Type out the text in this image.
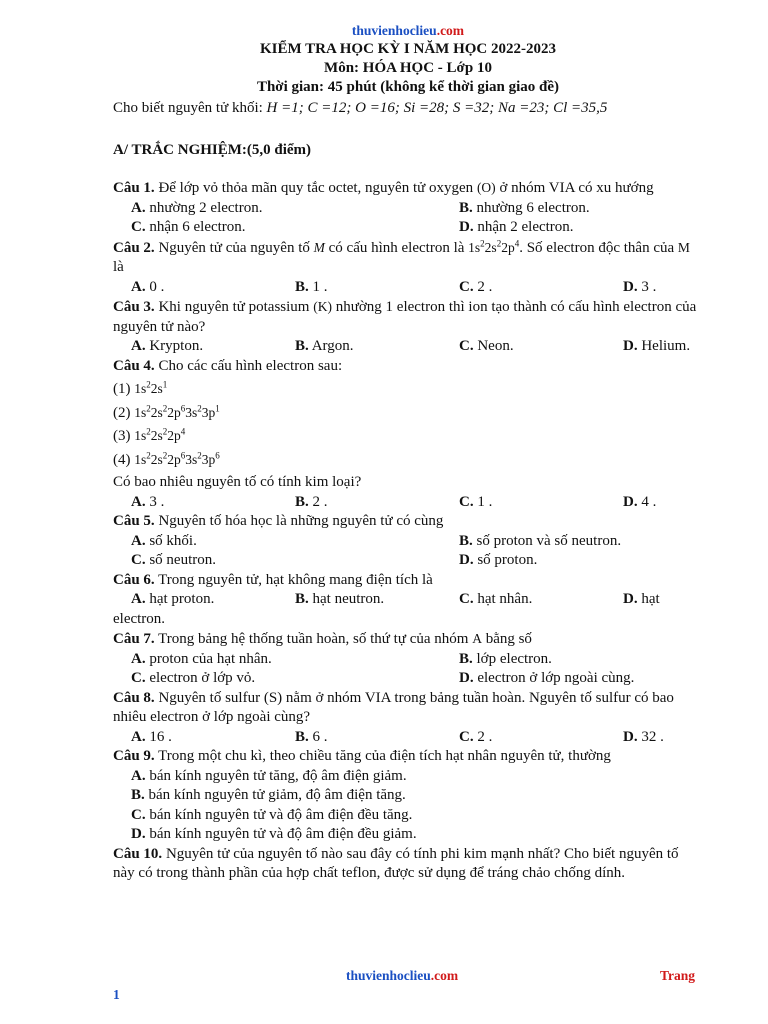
thuvienhoclieu.com
KIỂM TRA HỌC KỲ I NĂM HỌC 2022-2023
Môn: HÓA HỌC - Lớp 10
Thời gian: 45 phút (không kể thời gian giao đề)
Cho biết nguyên tử khối: H =1; C =12; O =16; Si =28; S =32; Na =23; Cl =35,5
A/ TRẮC NGHIỆM:(5,0 điểm)
Câu 1. Để lớp vỏ thỏa mãn quy tắc octet, nguyên tử oxygen (O) ở nhóm VIA có xu hướng
A. nhường 2 electron.	B. nhường 6 electron.
C. nhận 6 electron.	D. nhận 2 electron.
Câu 2. Nguyên tử của nguyên tố M có cấu hình electron là $1s^22s^22p^4$. Số electron độc thân của M là
A. 0 .	B. 1 .	C. 2 .	D. 3 .
Câu 3. Khi nguyên tử potassium (K) nhường 1 electron thì ion tạo thành có cấu hình electron của nguyên tử nào?
A. Krypton.	B. Argon.	C. Neon.	D. Helium.
Câu 4. Cho các cấu hình electron sau:
(1) $1s^22s^1$
(2) $1s^22s^22p^63s^23p^1$
(3) $1s^22s^22p^4$
(4) $1s^22s^22p^63s^23p^6$
Có bao nhiêu nguyên tố có tính kim loại?
A. 3 .	B. 2 .	C. 1 .	D. 4 .
Câu 5. Nguyên tố hóa học là những nguyên tử có cùng
A. số khối.	B. số proton và số neutron.
C. số neutron.	D. số proton.
Câu 6. Trong nguyên tử, hạt không mang điện tích là
A. hạt proton.	B. hạt neutron.	C. hạt nhân.	D. hạt
electron.
Câu 7. Trong bảng hệ thống tuần hoàn, số thứ tự của nhóm A bằng số
A. proton của hạt nhân.	B. lớp electron.
C. electron ở lớp vỏ.	D. electron ở lớp ngoài cùng.
Câu 8. Nguyên tố sulfur (S) nằm ở nhóm VIA trong bảng tuần hoàn. Nguyên tố sulfur có bao nhiêu electron ở lớp ngoài cùng?
A. 16 .	B. 6 .	C. 2 .	D. 32 .
Câu 9. Trong một chu kì, theo chiều tăng của điện tích hạt nhân nguyên tử, thường
A. bán kính nguyên tử tăng, độ âm điện giảm.
B. bán kính nguyên tử giảm, độ âm điện tăng.
C. bán kính nguyên tử và độ âm điện đều tăng.
D. bán kính nguyên tử và độ âm điện đều giảm.
Câu 10. Nguyên tử của nguyên tố nào sau đây có tính phi kim mạnh nhất? Cho biết nguyên tố này có trong thành phần của hợp chất teflon, được sử dụng để tráng chảo chống dính.
thuvienhoclieu.com	Trang
1
